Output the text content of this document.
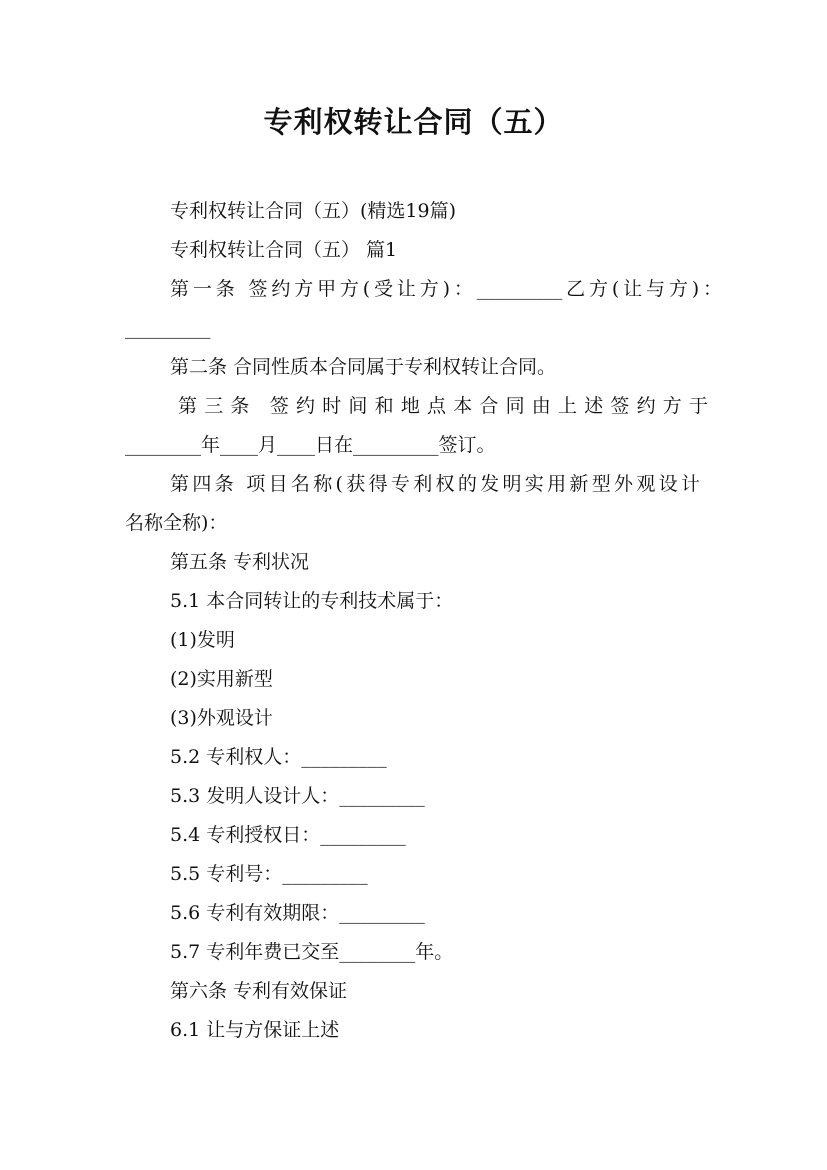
专利权转让合同（五）

专利权转让合同（五）(精选19篇)

专利权转让合同（五） 篇1

第一条 签约方甲方(受让方)：_________乙方(让与方)：

_________

第二条 合同性质本合同属于专利权转让合同。

第三条 签约时间和地点本合同由上述签约方于

________年____月____日在_________签订。

第四条 项目名称(获得专利权的发明实用新型外观设计

名称全称)：

第五条 专利状况

5.1 本合同转让的专利技术属于：

(1)发明

(2)实用新型

(3)外观设计

5.2 专利权人：_________

5.3 发明人设计人：_________

5.4 专利授权日：_________

5.5 专利号：_________

5.6 专利有效期限：_________

5.7 专利年费已交至________年。

第六条 专利有效保证

6.1 让与方保证上述
